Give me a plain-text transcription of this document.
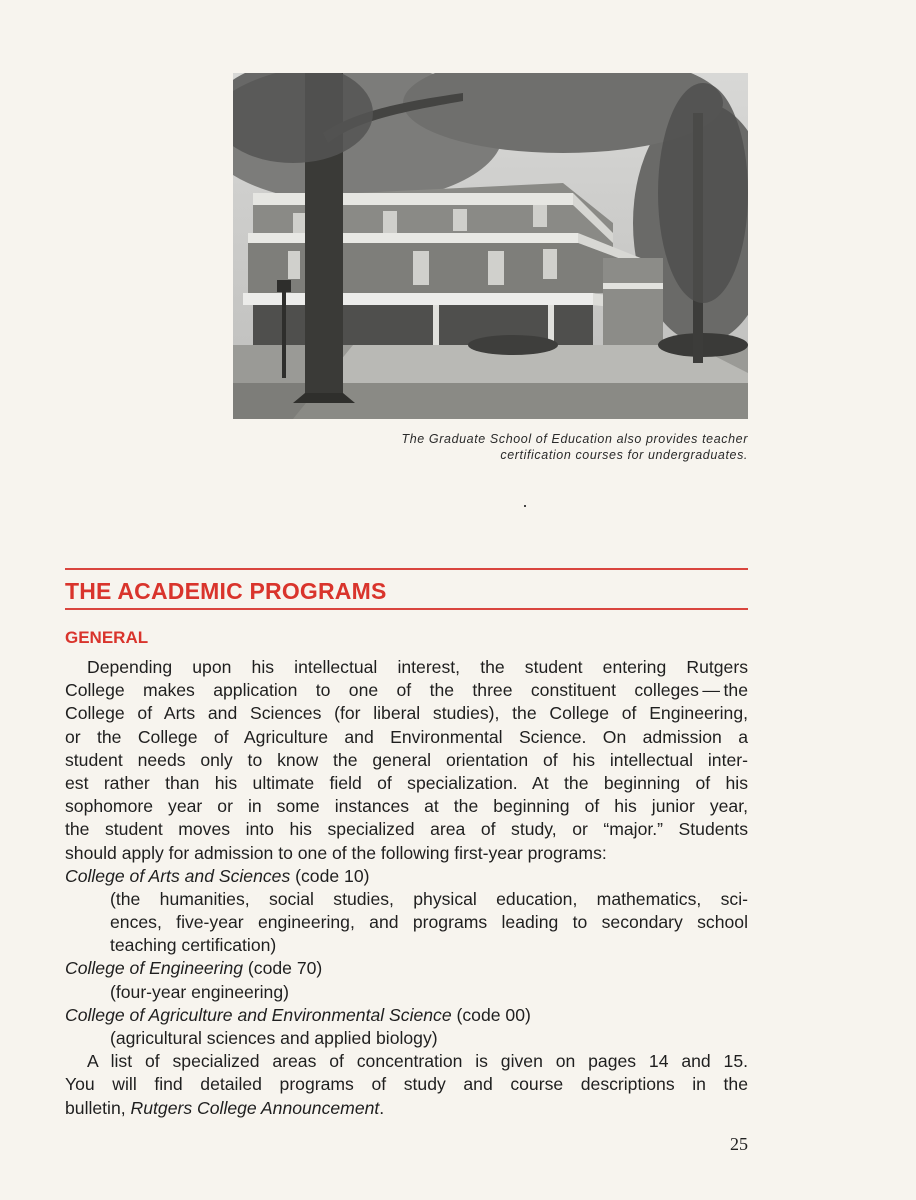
The Graduate School of Education also provides teacher
certification courses for undergraduates.
THE ACADEMIC PROGRAMS
GENERAL
Depending upon his intellectual interest, the student entering Rutgers
College makes application to one of the three constituent colleges — the
College of Arts and Sciences (for liberal studies), the College of Engineering,
or the College of Agriculture and Environmental Science. On admission a
student needs only to know the general orientation of his intellectual inter-
est rather than his ultimate field of specialization. At the beginning of his
sophomore year or in some instances at the beginning of his junior year,
the student moves into his specialized area of study, or “major.” Students
should apply for admission to one of the following first-year programs:
College of Arts and Sciences (code 10)
(the humanities, social studies, physical education, mathematics, sci-
ences, five-year engineering, and programs leading to secondary school
teaching certification)
College of Engineering (code 70)
(four-year engineering)
College of Agriculture and Environmental Science (code 00)
(agricultural sciences and applied biology)
A list of specialized areas of concentration is given on pages 14 and 15.
You will find detailed programs of study and course descriptions in the
bulletin, Rutgers College Announcement.
25
